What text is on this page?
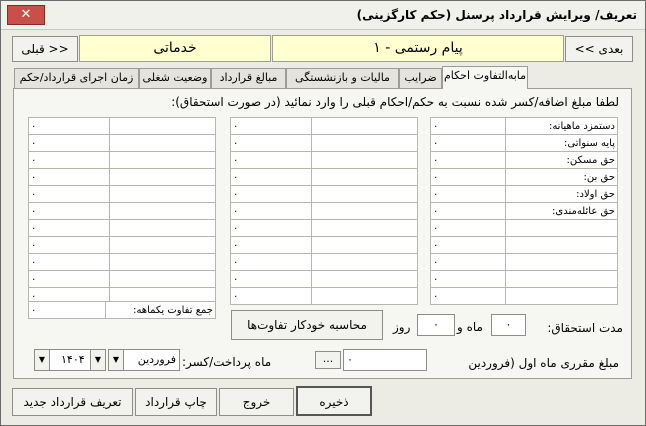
تعریف/ ویرایش قرارداد پرسنل (حکم کارگزینی)
✕
<< بعدی
پیام رستمی - ۱
خدماتی
قبلی >>
مابه‌التفاوت احکام
ضرایب
مالیات و بازنشستگی
مبالغ قرارداد
وضعیت شغلی
زمان اجرای قرارداد/حکم
لطفا مبلغ اضافه/کسر شده نسبت به حکم/احکام قبلی را وارد نمائید (در صورت استحقاق):
۰	دستمزد ماهیانه:
۰	پایه سنواتی:
۰	حق مسکن:
۰	حق بن:
۰	حق اولاد:
۰	حق عائله‌مندی:
۰	
۰	
۰	
۰	
۰	
۰	
۰	
۰	
۰	
۰	
۰	
۰	
۰	
۰	
۰	
۰	
۰	
۰	
۰	
۰	
۰	
۰	
۰	
۰	
۰	
۰	
۰	
۰	جمع تفاوت یکماهه:
مدت استحقاق:
۰
ماه و
۰
روز
محاسبه خودکار تفاوت‌ها
مبلغ مقرری ماه اول (فروردین
۰
...
ماه پرداخت/کسر:
فروردین
▼
▼
۱۴۰۴
▼
ذخیره
خروج
چاپ قرارداد
تعریف قرارداد جدید
